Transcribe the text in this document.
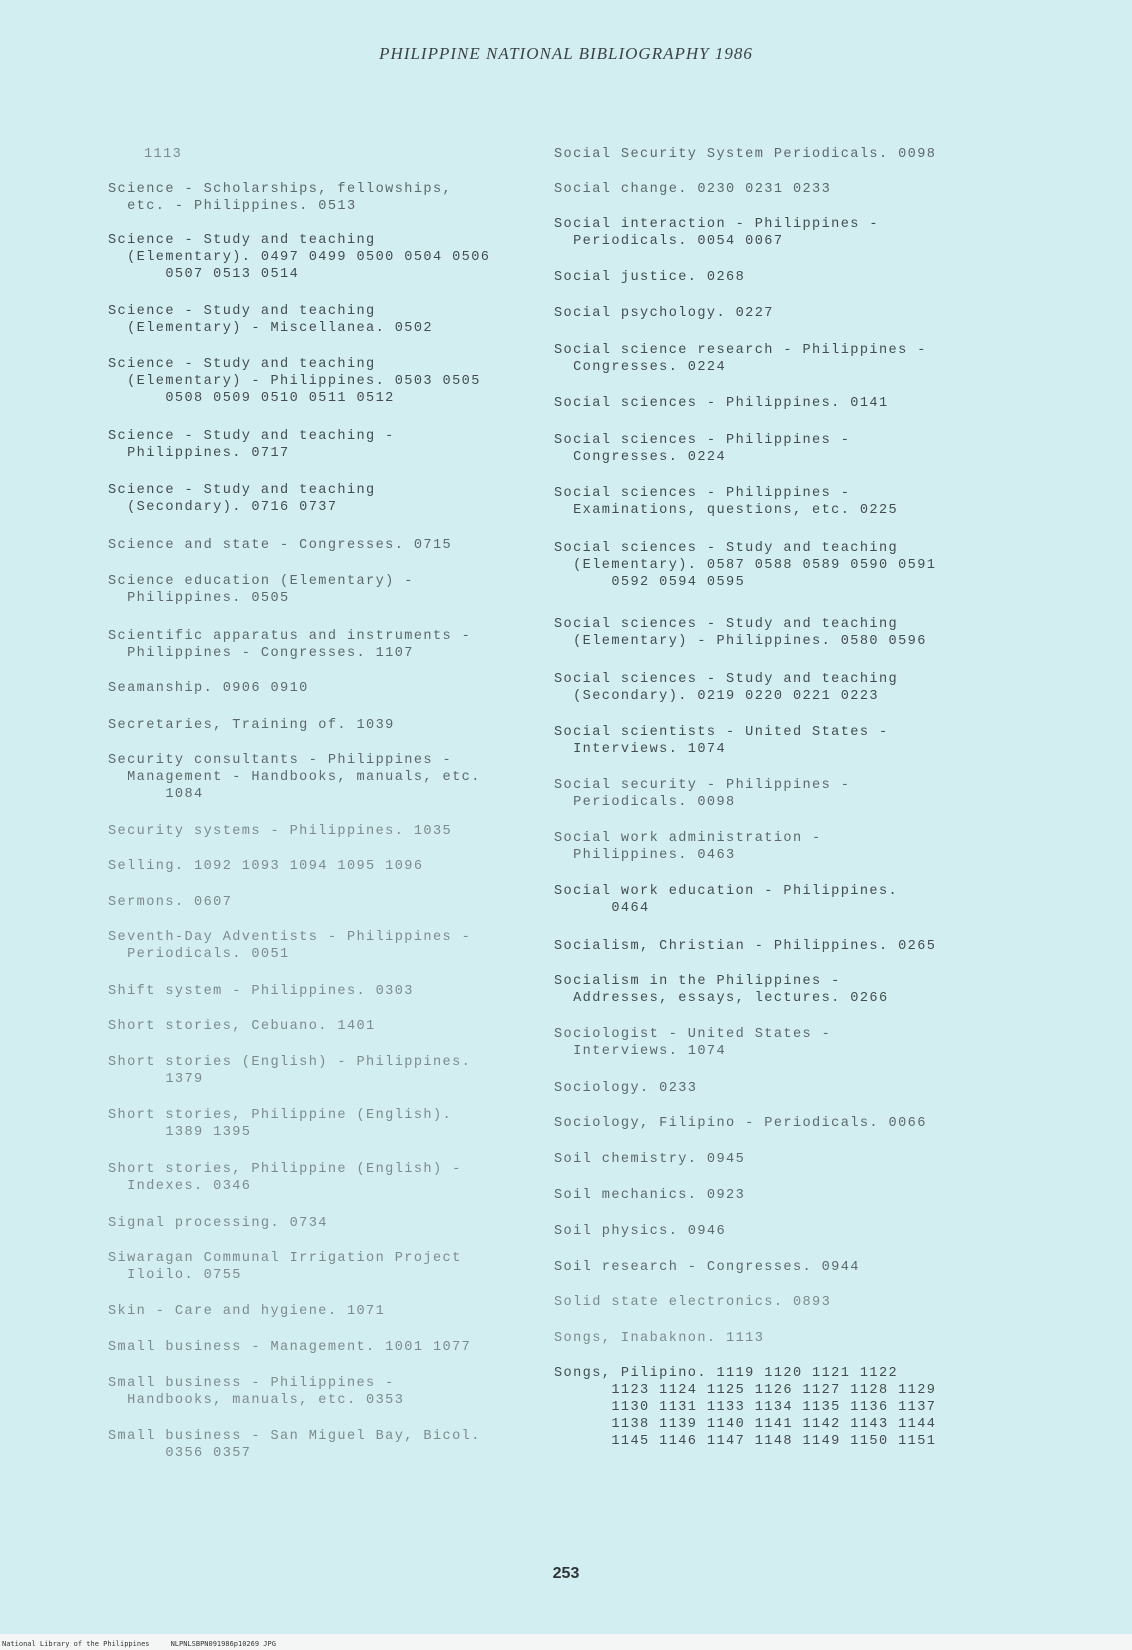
PHILIPPINE NATIONAL BIBLIOGRAPHY 1986
1113
Science - Scholarships, fellowships,
etc. - Philippines. 0513
Science - Study and teaching
(Elementary). 0497 0499 0500 0504 0506
0507 0513 0514
Science - Study and teaching
(Elementary) - Miscellanea. 0502
Science - Study and teaching
(Elementary) - Philippines. 0503 0505
0508 0509 0510 0511 0512
Science - Study and teaching -
Philippines. 0717
Science - Study and teaching
(Secondary). 0716 0737
Science and state - Congresses. 0715
Science education (Elementary) -
Philippines. 0505
Scientific apparatus and instruments -
Philippines - Congresses. 1107
Seamanship. 0906 0910
Secretaries, Training of. 1039
Security consultants - Philippines -
Management - Handbooks, manuals, etc.
1084
Security systems - Philippines. 1035
Selling. 1092 1093 1094 1095 1096
Sermons. 0607
Seventh-Day Adventists - Philippines -
Periodicals. 0051
Shift system - Philippines. 0303
Short stories, Cebuano. 1401
Short stories (English) - Philippines.
1379
Short stories, Philippine (English).
1389 1395
Short stories, Philippine (English) -
Indexes. 0346
Signal processing. 0734
Siwaragan Communal Irrigation Project
Iloilo. 0755
Skin - Care and hygiene. 1071
Small business - Management. 1001 1077
Small business - Philippines -
Handbooks, manuals, etc. 0353
Small business - San Miguel Bay, Bicol.
0356 0357
Social Security System Periodicals. 0098
Social change. 0230 0231 0233
Social interaction - Philippines -
Periodicals. 0054 0067
Social justice. 0268
Social psychology. 0227
Social science research - Philippines -
Congresses. 0224
Social sciences - Philippines. 0141
Social sciences - Philippines -
Congresses. 0224
Social sciences - Philippines -
Examinations, questions, etc. 0225
Social sciences - Study and teaching
(Elementary). 0587 0588 0589 0590 0591
0592 0594 0595
Social sciences - Study and teaching
(Elementary) - Philippines. 0580 0596
Social sciences - Study and teaching
(Secondary). 0219 0220 0221 0223
Social scientists - United States -
Interviews. 1074
Social security - Philippines -
Periodicals. 0098
Social work administration -
Philippines. 0463
Social work education - Philippines.
0464
Socialism, Christian - Philippines. 0265
Socialism in the Philippines -
Addresses, essays, lectures. 0266
Sociologist - United States -
Interviews. 1074
Sociology. 0233
Sociology, Filipino - Periodicals. 0066
Soil chemistry. 0945
Soil mechanics. 0923
Soil physics. 0946
Soil research - Congresses. 0944
Solid state electronics. 0893
Songs, Inabaknon. 1113
Songs, Pilipino. 1119 1120 1121 1122
1123 1124 1125 1126 1127 1128 1129
1130 1131 1133 1134 1135 1136 1137
1138 1139 1140 1141 1142 1143 1144
1145 1146 1147 1148 1149 1150 1151
253
National Library of the Philippines     NLPNLSBPN091986p10269 JPG
